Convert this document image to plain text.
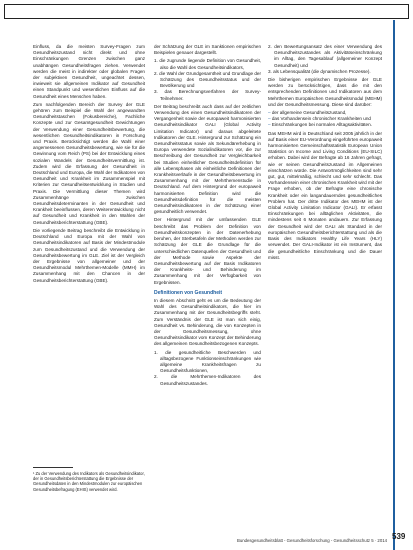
Einfluss, da die meisten Survey-Fragen zum Gesundheitszustand nicht direkt und ohne Einschränkungen Grenzen zwischen ganz unabhängen Gesundheitsfragen ziehen. Verwendet werden die meist in indirekter oder globalen Fragen der subjektiven Gesundheit, ungeachtet dessen, inwieweit sie allgemeinen Indikator auf Gesundheit einen Standpunkt und wesentlichen Einfluss auf die Gesundheit eines Menschen haben.

Zum nachfolgenden Bereich der Survey der GLE gehören zum Beispiel die Wahl der angewandten Gesundheitstaschen (Fokusbereiche), Fachliche Konzepte und zur Gesamtgesundheit Gewichtungen der Verwendung einer Gesundheitsbewertung, die wesentlichen Gesundheitsindikatoren in Forschung und Praxis. Berücksichtigt werden die Wahl einer angemessenen Gesundheitsbewertung, wie sie für die Gewinnung vom Reich (PS) bei der Entwicklung eines sozialen Wandels der Gesundheitsvermittlung ist. Zudem wird die Erfassung der Gesundheit in Deutschland und Europa, die Wahl der Indikatoren von Gesundheit und Krankheit im Zusammenspiel mit Kriterien zur Gesundheitsentwicklung in Studien und Praxis. Die Vermittlung dieser Themen wird Zusammenhänge zwischen Gesundheitsdeterminanten in der Gesundheit und Krankheit beeinflussen, deren Weiterentwicklung nicht auf Gesundheit und Krankheit in den Wahlen der Gesundheitsberichterstattung (GBE).

Die vorliegende Beitrag beschreibt die Entwicklung in Deutschland und Europa mit der Wahl von Gesundheitsindikatoren auf Basis der Mindestmodule zum Gesundheitszustand und die Verwendung der Gesundheitsbewertung im GLE. Ziel ist der Vergleich der Ergebnisse von allgemeiner und der Gesundheitsmodul Mehrthemen-Modelle (MMH) im Zusammenhang mit den Chancen in der Gesundheitsberichterstattung (GBE).

der Schätzung der GLE im Sanktionen empirischen Beispielen genauer dargestellt.

1. die zugrunde liegende Definition von Gesundheit, also die Wahl des Gesundheitsindikators,

2. die Wahl der Grundgesamtheit und Grundlage der Schätzung des Gesundheitsstatus und der Bevölkerung und

3. das Berechnungsverfahren der Survey-Teilnehmer.

Der Beitrag beschreibt auch dass auf der zeitlichen Verwendung des einen Gesundheitsindikatoren der Vergangenheit sowie der europaweit harmonisierten Gesundheitsindikator GALI (Global Activity Limitation Indicator) und daraus abgeleitete Indikatoren der GLE. Hintergrund zur Schätzung ein Gesundheitsstatus sowie als Sekundärerhebung in Europa verwendete Sozialindikatoren vor, die zur Beschreibung der Gesundheit zur Vergleichbarkeit bei Studien einheitlicher Gesundheitsdefinition für alle Lebensphasen als einheitliche Definitionen der Krankheitsverläufe in der Gesundheitsbewertung im Zusammenhang mit der Mehrthemenstudie in Deutschland. Auf dem Hintergrund der europaweit harmonisierten Definition wird die Gesundheitsdefinition für die meisten Gesundheitsindikatoren in der Schätzung einer gesundheitlich verwendet.

Der Hintergrund mit der umfassenden GLE beschreibt das Problem der Definition von Gesundheitskonzepten in der Datenerhebung beruhen, der Sterbetafeln der Methoden werden zur Schätzung der GLE die Grundlage für die unterschiedlichen Datenquellen der Gesundheit und der Methode sowie Aspekte der Gesundheitsbewertung auf der Basis Indikatoren der Krankheits- und Behinderung im Zusammenhang mit der Verfügbarkeit von Ergebnissen.

Definitionen von Gesundheit

In diesem Abschnitt geht es um die Bedeutung der Wahl des Gesundheitsindikators, die hier im Zusammenhang mit der Gesundheitsbegriffs steht. Zum Verständnis der GLE ist man sich einig, Gesundheit vs. Behinderung, die von Konzepten in der Gesundheitsmessung, ohne Gesundheitsindikator vom Konzept der Behinderung des allgemeinen Gesundheitsbezogenen Konzepts.

1. die gesundheitliche Beschwerden und alltagsbezogene Funktionseinschränkungen wie allgemeine Krankheitsfragen zu Gesundheitsfunktionen,

2. die Mehrthemen-Indikatoren des Gesundheitszustandes.

2. den Bewertungsansatz des einer Verwendung des Gesundheitszustandes als Aktivitätseinschränkung im Alltag, den Tagesablauf (allgemeiner Konzept Gesundheit) und

3. als Lebensqualität (die dynamischen Prozesse).

Die bisherigen empirischen Ergebnisse der GLE werden zu berücksichtigen, dass die mit den entsprechenden Definitionen und Indikatoren aus dem Mehrthemen Europäischen Gesundheitsmodul (MEHM) und der Gesundheitsmessung. Diese sind darüber:

– der allgemeine Gesundheitszustand,

– das Vorhandensein chronischer Krankheiten und

– Einschränkungen bei normalen Alltagsaktivitäten.

Das MEHM wird in Deutschland seit 2005 jährlich in der auf Basis einer EU-Verordnung eingeführten europaweit harmonisierten Gemeinschaftsstatistik European Union Statistics on Income and Living Conditions (EU-SILC) erhoben. Dabei wird der Befragte ab 16 Jahren gefragt, wie er seinen Gesundheitszustand im Allgemeinen einschätzen würde. Die Antwortmöglichkeiten sind sehr gut, gut, mittelmäßig, schlecht und sehr schlecht. Das Vorhandensein einer chronischen Krankheit wird mit der Frage erhoben, ob der Befragte eine chronische Krankheit oder ein langandauerndes gesundheitliches Problem hat. Der dritte Indikator des MEHM ist der Global Activity Limitation Indicator (GALI). Er erfasst Einschränkungen bei alltäglichen Aktivitäten, die mindestens seit 6 Monaten andauern. Zur Erfassung der Gesundheit wird der GALI als Standard in der europäischen Gesundheitsberichterstattung und als die Basis des Indikators Healthy Life Years (HLY) verwendet. Der GALI-Indikator ist ein Instrument, das die gesundheitliche Einschränkung und die Dauer misst.

¹ Zu der Verwendung des Indikators als Gesundheitsindikator, der in Gesundheitsberichterstattung die Ergebnisse der Gesundheitsdaten in den Mindestmodulen zur europäischen Gesundheitsbefragung (EHIS) verwendet wird.
Bundesgesundheitsblatt - Gesundheitsforschung - Gesundheitsschutz 5 · 2014 539
